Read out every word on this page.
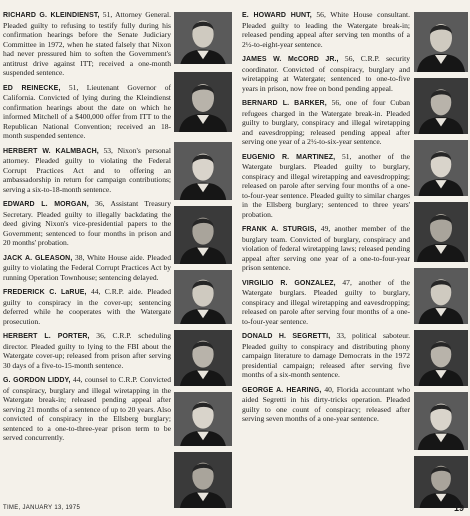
RICHARD G. KLEINDIENST, 51, Attorney General. Pleaded guilty to refusing to testify fully during his confirmation hearings before the Senate Judiciary Committee in 1972, when he stated falsely that Nixon had never pressured him to soften the Government's antitrust drive against ITT; received a one-month suspended sentence.

ED REINECKE, 51, Lieutenant Governor of California. Convicted of lying during the Kleindienst confirmation hearings about the date on which he informed Mitchell of a $400,000 offer from ITT to the Republican National Convention; received an 18-month suspended sentence.

HERBERT W. KALMBACH, 53, Nixon's personal attorney. Pleaded guilty to violating the Federal Corrupt Practices Act and to offering an ambassadorship in return for campaign contributions; serving a six-to-18-month sentence.

EDWARD L. MORGAN, 36, Assistant Treasury Secretary. Pleaded guilty to illegally backdating the deed giving Nixon's vice-presidential papers to the Government; sentenced to four months in prison and 20 months' probation.

JACK A. GLEASON, 38, White House aide. Pleaded guilty to violating the Federal Corrupt Practices Act by running Operation Townhouse; sentencing delayed.

FREDERICK C. LaRUE, 44, C.R.P. aide. Pleaded guilty to conspiracy in the cover-up; sentencing deferred while he cooperates with the Watergate prosecution.

HERBERT L. PORTER, 36, C.R.P. scheduling director. Pleaded guilty to lying to the FBI about the Watergate cover-up; released from prison after serving 30 days of a five-to-15-month sentence.

G. GORDON LIDDY, 44, counsel to C.R.P. Convicted of conspiracy, burglary and illegal wiretapping in the Watergate break-in; released pending appeal after serving 21 months of a sentence of up to 20 years. Also convicted of conspiracy in the Ellsberg burglary; sentenced to a one-to-three-year prison term to be served concurrently.

E. HOWARD HUNT, 56, White House consultant. Pleaded guilty to leading the Watergate break-in; released pending appeal after serving ten months of a 2½-to-eight-year sentence.

JAMES W. McCORD JR., 56, C.R.P. security coordinator. Convicted of conspiracy, burglary and wiretapping at Watergate; sentenced to one-to-five years in prison, now free on bond pending appeal.

BERNARD L. BARKER, 56, one of four Cuban refugees charged in the Watergate break-in. Pleaded guilty to burglary, conspiracy and illegal wiretapping and eavesdropping; released pending appeal after serving one year of a 2½-to-six-year sentence.

EUGENIO R. MARTINEZ, 51, another of the Watergate burglars. Pleaded guilty to burglary, conspiracy and illegal wiretapping and eavesdropping; released on parole after serving four months of a one-to-four-year sentence. Pleaded guilty to similar charges in the Ellsberg burglary; sentenced to three years' probation.

FRANK A. STURGIS, 49, another member of the burglary team. Convicted of burglary, conspiracy and violation of federal wiretapping laws; released pending appeal after serving one year of a one-to-four-year prison sentence.

VIRGILIO R. GONZALEZ, 47, another of the Watergate burglars. Pleaded guilty to burglary, conspiracy and illegal wiretapping and eavesdropping; released on parole after serving four months of a one-to-four-year sentence.

DONALD H. SEGRETTI, 33, political saboteur. Pleaded guilty to conspiracy and distributing phony campaign literature to damage Democrats in the 1972 presidential campaign; released after serving five months of a six-month sentence.

GEORGE A. HEARING, 40, Florida accountant who aided Segretti in his dirty-tricks operation. Pleaded guilty to one count of conspiracy; released after serving seven months of a one-year sentence.

TIME, JANUARY 13, 1975	19
